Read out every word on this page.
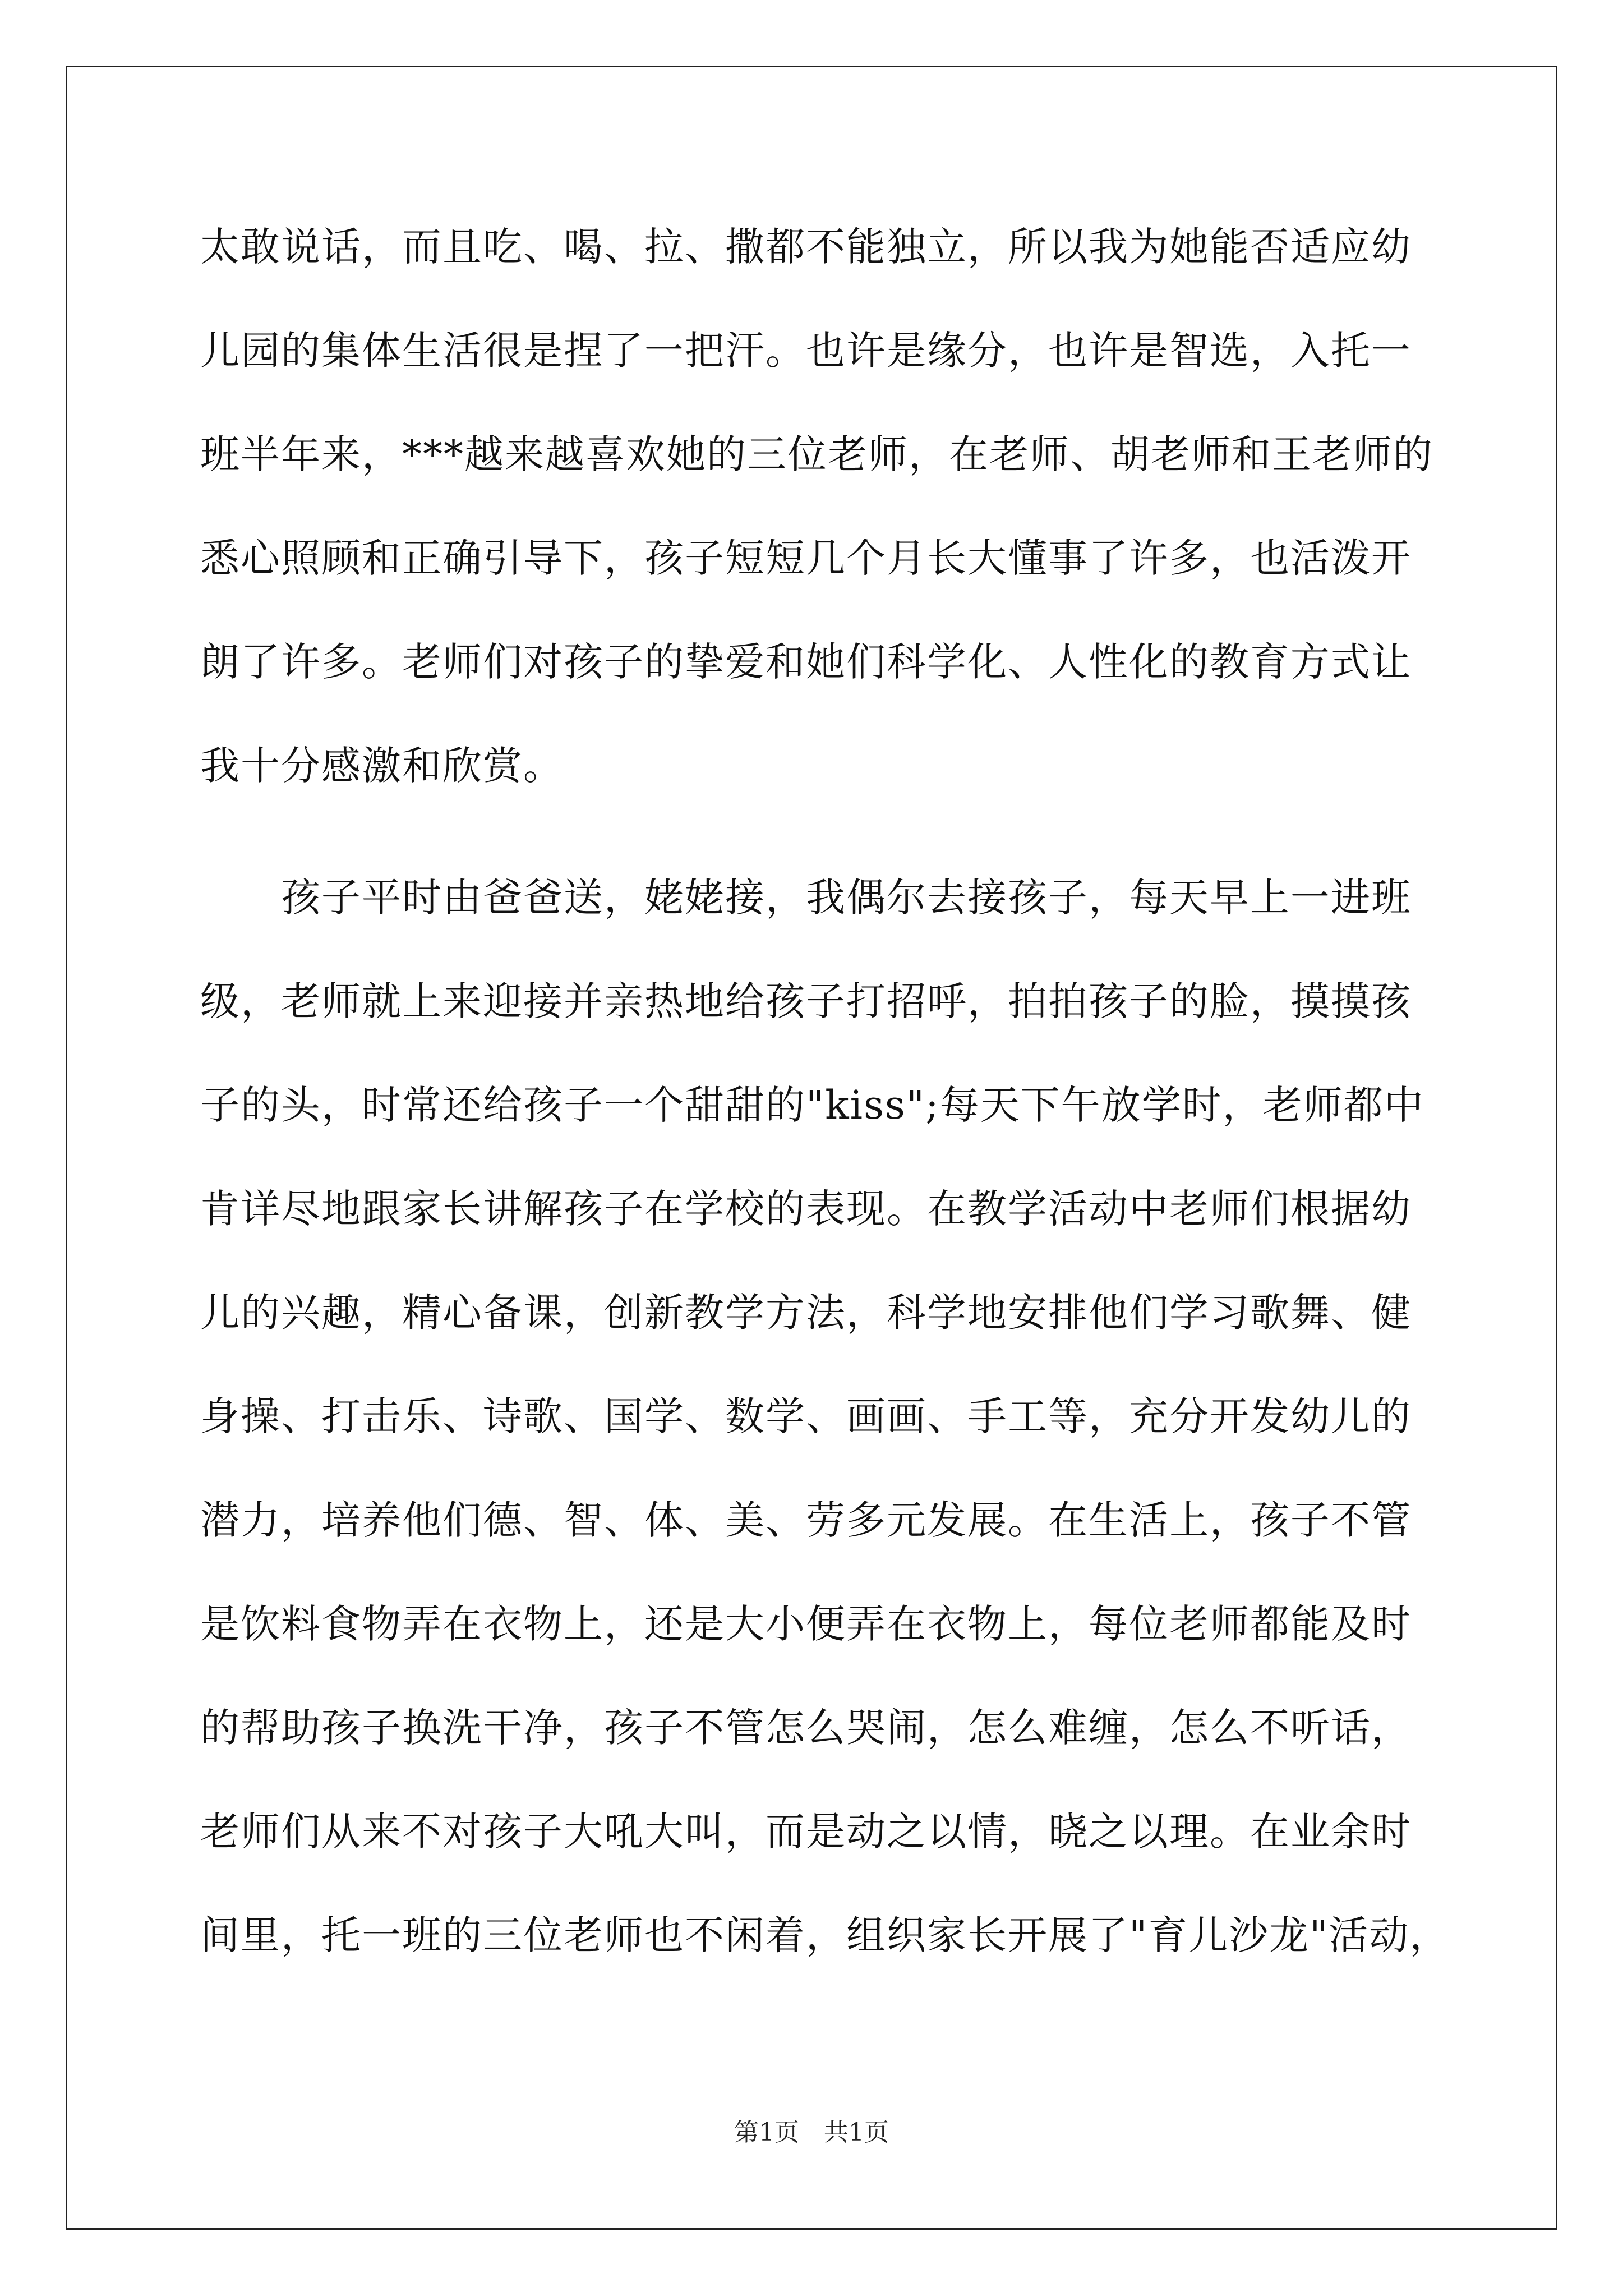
太敢说话，而且吃、喝、拉、撒都不能独立，所以我为她能否适应幼
儿园的集体生活很是捏了一把汗。也许是缘分，也许是智选，入托一
班半年来，***越来越喜欢她的三位老师，在老师、胡老师和王老师的
悉心照顾和正确引导下，孩子短短几个月长大懂事了许多，也活泼开
朗了许多。老师们对孩子的挚爱和她们科学化、人性化的教育方式让
我十分感激和欣赏。
　　孩子平时由爸爸送，姥姥接，我偶尔去接孩子，每天早上一进班
级，老师就上来迎接并亲热地给孩子打招呼，拍拍孩子的脸，摸摸孩
子的头，时常还给孩子一个甜甜的"kiss";每天下午放学时，老师都中
肯详尽地跟家长讲解孩子在学校的表现。在教学活动中老师们根据幼
儿的兴趣，精心备课，创新教学方法，科学地安排他们学习歌舞、健
身操、打击乐、诗歌、国学、数学、画画、手工等，充分开发幼儿的
潜力，培养他们德、智、体、美、劳多元发展。在生活上，孩子不管
是饮料食物弄在衣物上，还是大小便弄在衣物上，每位老师都能及时
的帮助孩子换洗干净，孩子不管怎么哭闹，怎么难缠，怎么不听话，
老师们从来不对孩子大吼大叫，而是动之以情，晓之以理。在业余时
间里，托一班的三位老师也不闲着，组织家长开展了"育儿沙龙"活动，
第1页　共1页
